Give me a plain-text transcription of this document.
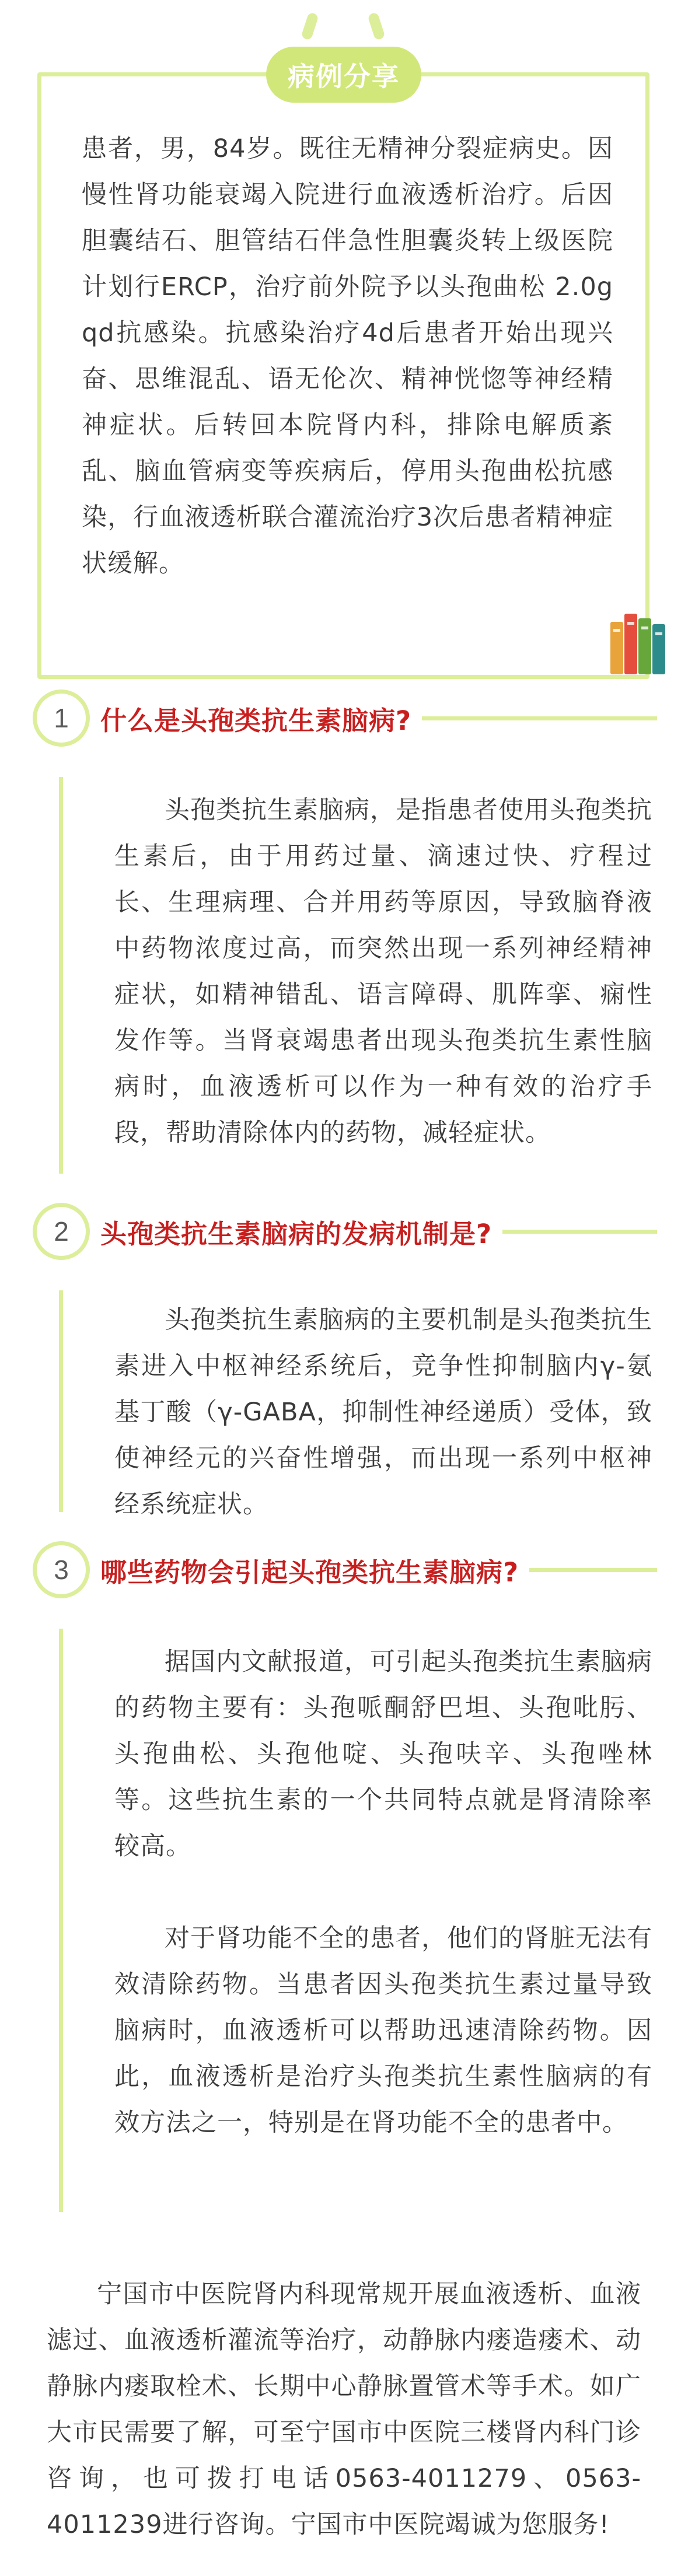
病例分享
患者，男，84岁。既往无精神分裂症病史。因慢性肾功能衰竭入院进行血液透析治疗。后因胆囊结石、胆管结石伴急性胆囊炎转上级医院计划行ERCP，治疗前外院予以头孢曲松 2.0g qd抗感染。抗感染治疗4d后患者开始出现兴奋、思维混乱、语无伦次、精神恍惚等神经精神症状。后转回本院肾内科，排除电解质紊乱、脑血管病变等疾病后，停用头孢曲松抗感染，行血液透析联合灌流治疗3次后患者精神症状缓解。
1 什么是头孢类抗生素脑病?

头孢类抗生素脑病，是指患者使用头孢类抗生素后，由于用药过量、滴速过快、疗程过长、生理病理、合并用药等原因，导致脑脊液中药物浓度过高，而突然出现一系列神经精神症状，如精神错乱、语言障碍、肌阵挛、痫性发作等。当肾衰竭患者出现头孢类抗生素性脑病时，血液透析可以作为一种有效的治疗手段，帮助清除体内的药物，减轻症状。

2 头孢类抗生素脑病的发病机制是?

头孢类抗生素脑病的主要机制是头孢类抗生素进入中枢神经系统后，竞争性抑制脑内γ-氨基丁酸（γ-GABA，抑制性神经递质）受体，致使神经元的兴奋性增强，而出现一系列中枢神经系统症状。

3 哪些药物会引起头孢类抗生素脑病?

据国内文献报道，可引起头孢类抗生素脑病的药物主要有：头孢哌酮舒巴坦、头孢吡肟、头孢曲松、头孢他啶、头孢呋辛、头孢唑林等。这些抗生素的一个共同特点就是肾清除率较高。

对于肾功能不全的患者，他们的肾脏无法有效清除药物。当患者因头孢类抗生素过量导致脑病时，血液透析可以帮助迅速清除药物。因此，血液透析是治疗头孢类抗生素性脑病的有效方法之一，特别是在肾功能不全的患者中。

宁国市中医院肾内科现常规开展血液透析、血液滤过、血液透析灌流等治疗，动静脉内瘘造瘘术、动静脉内瘘取栓术、长期中心静脉置管术等手术。如广大市民需要了解，可至宁国市中医院三楼肾内科门诊咨询，也可拨打电话0563-4011279、0563-4011239进行咨询。宁国市中医院竭诚为您服务!
